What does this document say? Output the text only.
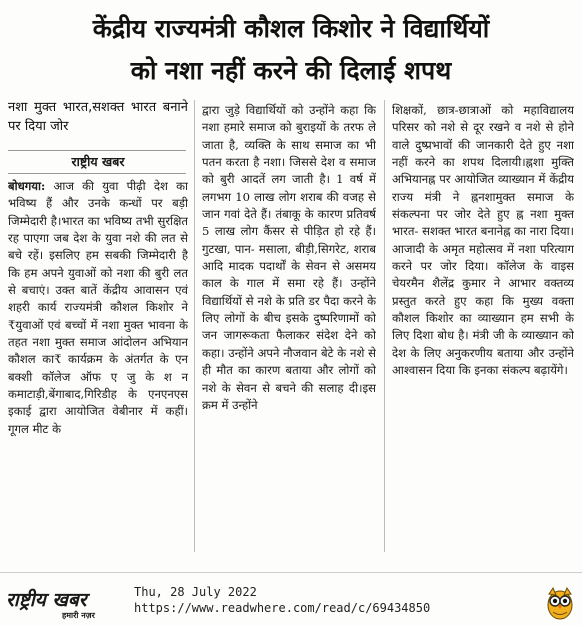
केंद्रीय राज्यमंत्री कौशल किशोर ने विद्यार्थियों
को नशा नहीं करने की दिलाई शपथ

नशा मुक्त भारत,सशक्त भारत बनाने पर दिया जोर

राष्ट्रीय खबर
बोधगया: आज की युवा पीढ़ी देश का भविष्य हैं और उनके कन्धों पर बड़ी जिम्मेदारी है।भारत का भविष्य तभी सुरक्षित रह पाएगा जब देश के युवा नशे की लत से बचे रहें। इसलिए हम सबकी जिम्मेदारी है कि हम अपने युवाओं को नशा की बुरी लत से बचाएं। उक्त बातें केंद्रीय आवासन एवं शहरी कार्य राज्यमंत्री कौशल किशोर ने ₹युवाओं एवं बच्चों में नशा मुक्त भावना के तहत नशा मुक्त समाज आंदोलन अभियान कौशल का₹ कार्यक्रम के अंतर्गत के एन बक्शी कॉलेज ऑफ ए जु के श न कमाटाड़ी,बेंगाबाद,गिरिडीह के एनएनएस इकाई द्वारा आयोजित वेबीनार में कहीं। गूगल मीट के
द्वारा जुड़े विद्यार्थियों को उन्होंने कहा कि नशा हमारे समाज को बुराइयों के तरफ ले जाता है, व्यक्ति के साथ समाज का भी पतन करता है नशा। जिससे देश व समाज को बुरी आदतें लग जाती है। 1 वर्ष में लगभग 10 लाख लोग शराब की वजह से जान गवां देते हैं। तंबाकू के कारण प्रतिवर्ष 5 लाख लोग कैंसर से पीड़ित हो रहे हैं। गुटखा, पान- मसाला, बीड़ी,सिगरेट, शराब आदि मादक पदार्थों के सेवन से असमय काल के गाल में समा रहे हैं। उन्होंने विद्यार्थियों से नशे के प्रति डर पैदा करने के लिए लोगों के बीच इसके दुष्परिणामों को जन जागरूकता फैलाकर संदेश देने को कहा। उन्होंने अपने नौजवान बेटे के नशे से ही मौत का कारण बताया और लोगों को नशे के सेवन से बचने की सलाह दी।इस क्रम में उन्होंने
शिक्षकों, छात्र-छात्राओं को महाविद्यालय परिसर को नशे से दूर रखने व नशे से होने वाले दुष्प्रभावों की जानकारी देते हुए नशा नहीं करने का शपथ दिलायी।ह्नशा मुक्ति अभियानह्न पर आयोजित व्याख्यान में केंद्रीय राज्य मंत्री ने ह्ननशामुक्त समाज के संकल्पना पर जोर देते हुए ह्न नशा मुक्त भारत- सशक्त भारत बनानेह्न का नारा दिया। आजादी के अमृत महोत्सव में नशा परित्याग करने पर जोर दिया। कॉलेज के वाइस चेयरमैन शैलेंद्र कुमार ने आभार वक्तव्य प्रस्तुत करते हुए कहा कि मुख्य वक्ता कौशल किशोर का व्याख्यान हम सभी के लिए दिशा बोध है। मंत्री जी के व्याख्यान को देश के लिए अनुकरणीय बताया और उन्होंने आश्वासन दिया कि इनका संकल्प बढ़ायेंगे।
राष्ट्रीय खबर
हमारी नज़र
Thu, 28 July 2022
https://www.readwhere.com/read/c/69434850
